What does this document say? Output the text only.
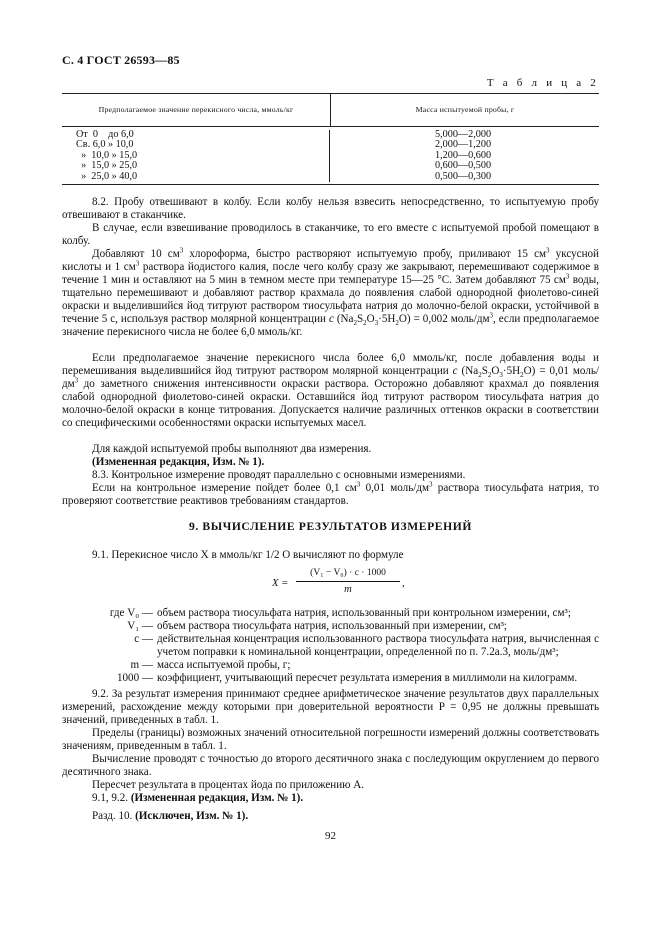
С. 4 ГОСТ 26593—85
Т а б л и ц а 2
Предполагаемое значение перекисного числа, ммоль/кг	Масса испытуемой пробы, г
От  0    до 6,0
Св. 6,0 » 10,0
»  10,0 » 15,0
»  15,0 » 25,0
»  25,0 » 40,0
5,000—2,000
2,000—1,200
1,200—0,600
0,600—0,500
0,500—0,300
8.2. Пробу отвешивают в колбу. Если колбу нельзя взвесить непосредственно, то испытуемую пробу отвешивают в стаканчике.
В случае, если взвешивание проводилось в стаканчике, то его вместе с испытуемой пробой помещают в колбу.
Добавляют 10 $см^3$ хлороформа, быстро растворяют испытуемую пробу, приливают 15 $см^3$ уксусной кислоты и 1 $см^3$ раствора йодистого калия, после чего колбу сразу же закрывают, перемешивают содержимое в течение 1 мин и оставляют на 5 мин в темном месте при температуре 15—25 °С. Затем добавляют 75 $см^3$ воды, тщательно перемешивают и добавляют раствор крахмала до появления слабой однородной фиолетово-синей окраски и выделившийся йод титруют раствором тиосульфата натрия до молочно-белой окраски, устойчивой в течение 5 с, используя раствор молярной концентрации c $(Na_2S_2O_3\cdot 5H_2O) = 0,002$ моль/$дм^3$, если предполагаемое значение перекисного числа не более 6,0 ммоль/кг.
Если предполагаемое значение перекисного числа более 6,0 ммоль/кг, после добавления воды и перемешивания выделившийся йод титруют раствором молярной концентрации c $(Na_2S_2O_3\cdot 5H_2O) = 0,01$ моль/$дм^3$ до заметного снижения интенсивности окраски раствора. Осторожно добавляют крахмал до появления слабой однородной фиолетово-синей окраски. Оставшийся йод титруют раствором тиосульфата натрия до молочно-белой окраски в конце титрования. Допускается наличие различных оттенков окраски в соответствии со специфическими особенностями окраски испытуемых масел.
Для каждой испытуемой пробы выполняют два измерения.
(Измененная редакция, Изм. № 1).
8.3. Контрольное измерение проводят параллельно с основными измерениями.
Если на контрольное измерение пойдет более 0,1 $см^3$ 0,01 моль/$дм^3$ раствора тиосульфата натрия, то проверяют соответствие реактивов требованиям стандартов.
9. ВЫЧИСЛЕНИЕ РЕЗУЛЬТАТОВ ИЗМЕРЕНИЙ
9.1. Перекисное число X в ммоль/кг 1/2 O вычисляют по формуле
$X = \frac{\text{(V₁ − V₀) · c · 1000}}{m}$ ,
где V₀ — объем раствора тиосульфата натрия, использованный при контрольном измерении, см³;
V₁ — объем раствора тиосульфата натрия, использованный при измерении, см³;
c — действительная концентрация использованного раствора тиосульфата натрия, вычисленная с учетом поправки к номинальной концентрации, определенной по п. 7.2а.3, моль/дм³;
m — масса испытуемой пробы, г;
1000 — коэффициент, учитывающий пересчет результата измерения в миллимоли на килограмм.
9.2. За результат измерения принимают среднее арифметическое значение результатов двух параллельных измерений, расхождение между которыми при доверительной вероятности P = 0,95 не должны превышать значений, приведенных в табл. 1.
Пределы (границы) возможных значений относительной погрешности измерений должны соответствовать значениям, приведенным в табл. 1.
Вычисление проводят с точностью до второго десятичного знака с последующим округлением до первого десятичного знака.
Пересчет результата в процентах йода по приложению А.
9.1, 9.2. (Измененная редакция, Изм. № 1).
Разд. 10. (Исключен, Изм. № 1).
92
